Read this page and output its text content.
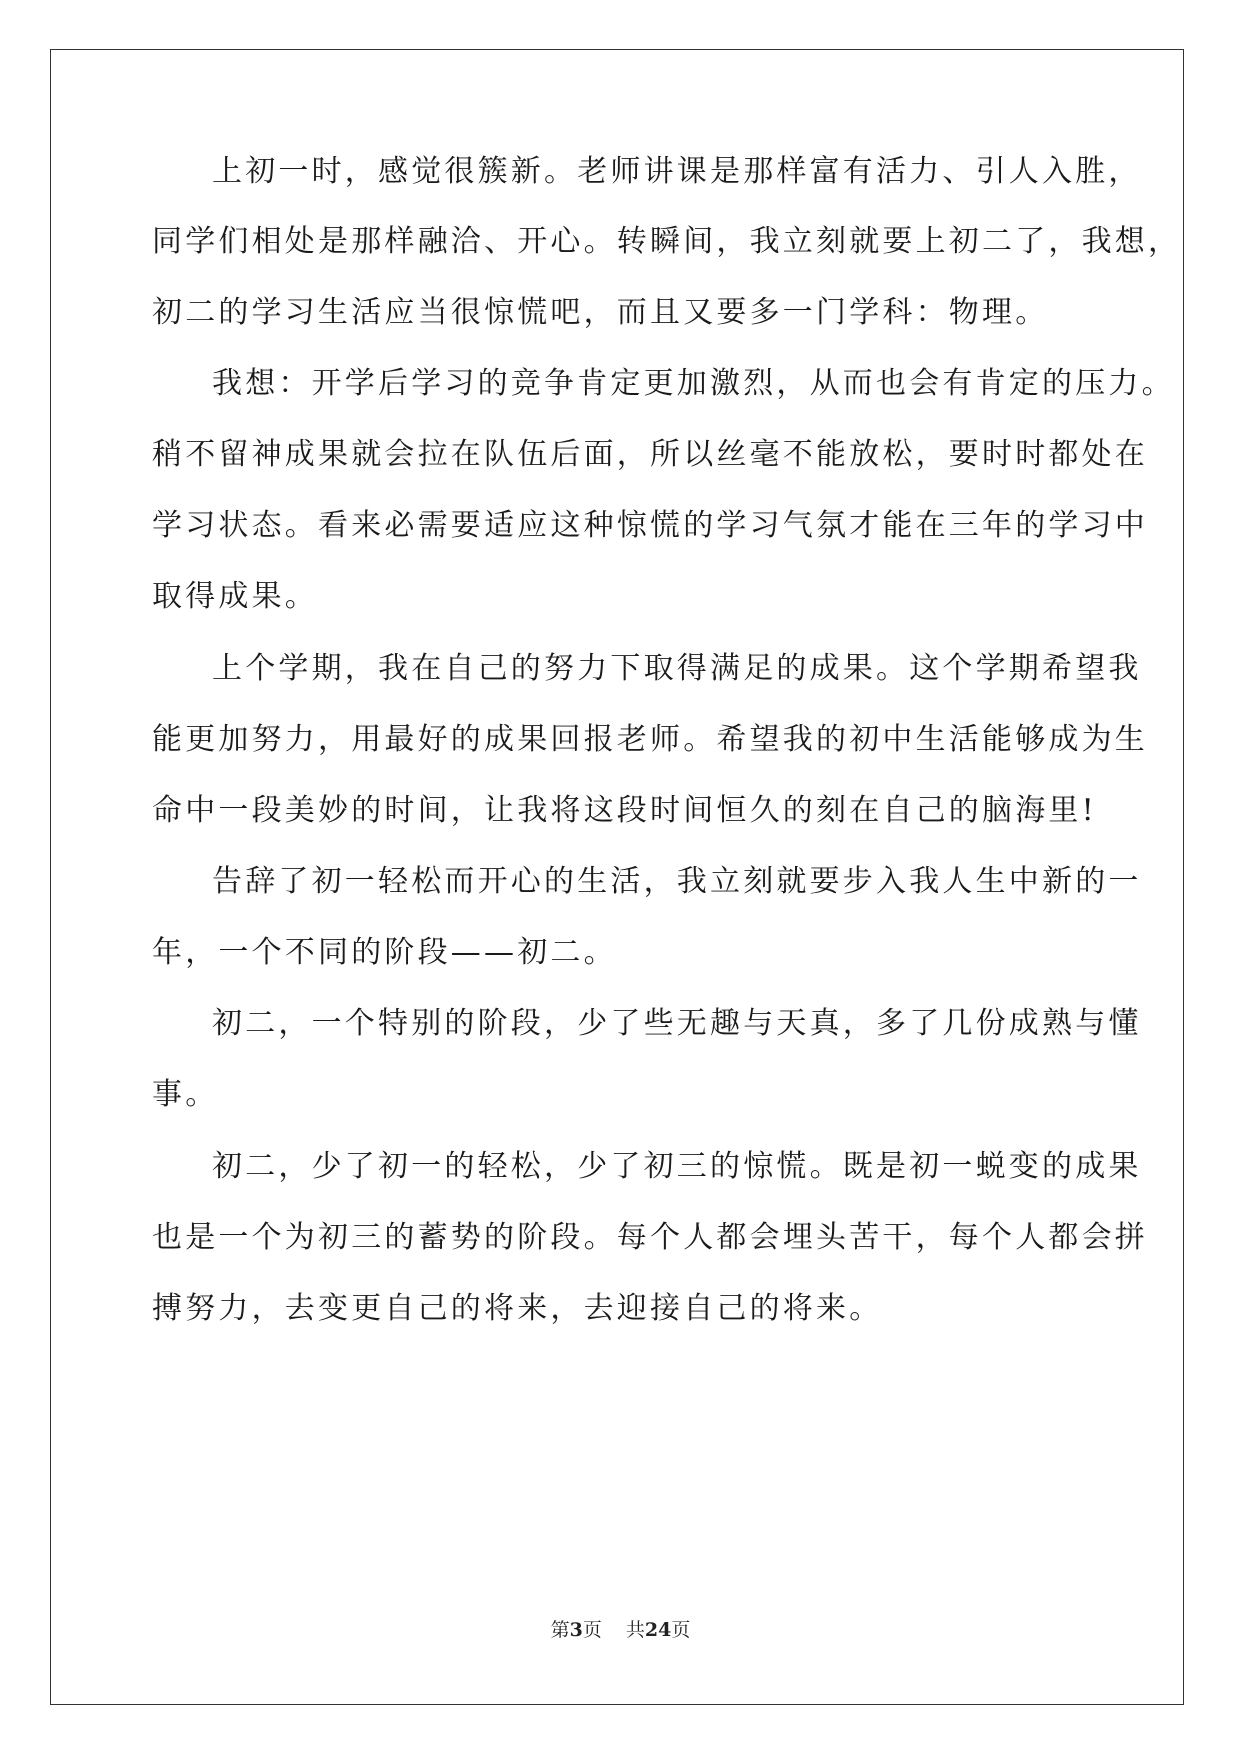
上初一时，感觉很簇新。老师讲课是那样富有活力、引人入胜，
同学们相处是那样融洽、开心。转瞬间，我立刻就要上初二了，我想，
初二的学习生活应当很惊慌吧，而且又要多一门学科：物理。
我想：开学后学习的竞争肯定更加激烈，从而也会有肯定的压力。
稍不留神成果就会拉在队伍后面，所以丝毫不能放松，要时时都处在
学习状态。看来必需要适应这种惊慌的学习气氛才能在三年的学习中
取得成果。
上个学期，我在自己的努力下取得满足的成果。这个学期希望我
能更加努力，用最好的成果回报老师。希望我的初中生活能够成为生
命中一段美妙的时间，让我将这段时间恒久的刻在自己的脑海里!
告辞了初一轻松而开心的生活，我立刻就要步入我人生中新的一
年，一个不同的阶段——初二。
初二，一个特别的阶段，少了些无趣与天真，多了几份成熟与懂
事。
初二，少了初一的轻松，少了初三的惊慌。既是初一蜕变的成果
也是一个为初三的蓄势的阶段。每个人都会埋头苦干，每个人都会拼
搏努力，去变更自己的将来，去迎接自己的将来。
第3页 共24页
